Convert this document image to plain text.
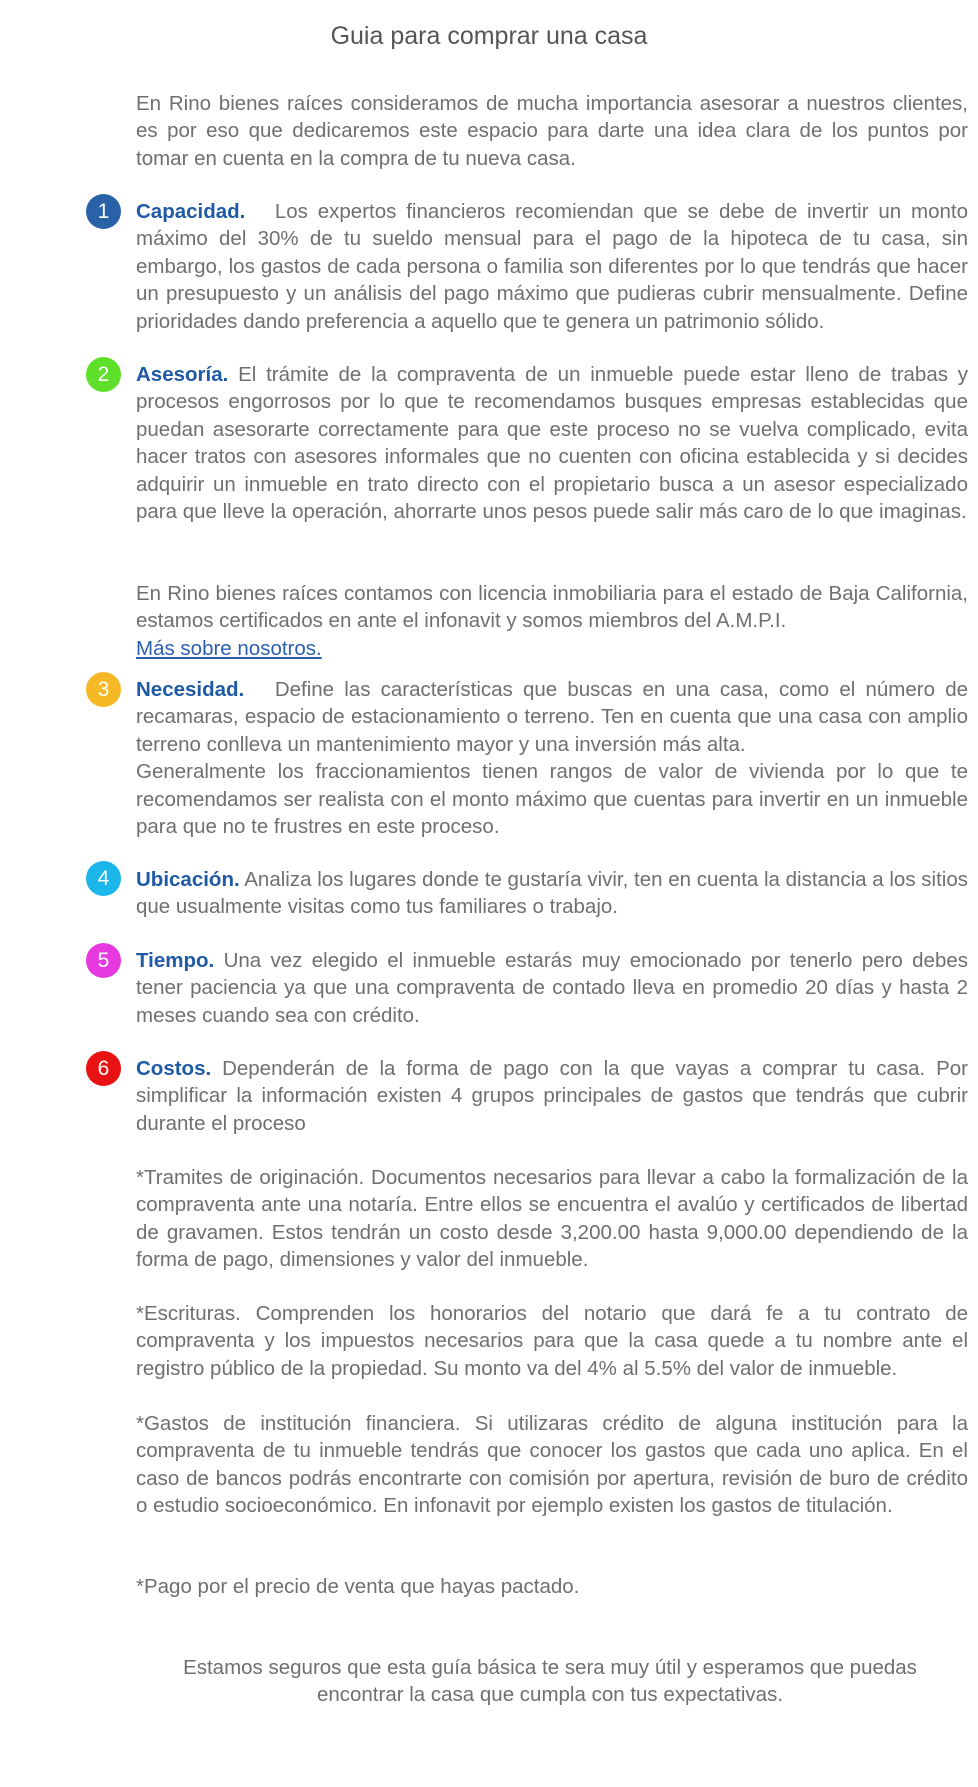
Guia para comprar una casa

En Rino bienes raíces consideramos de mucha importancia asesorar a nuestros clientes, es por eso que dedicaremos este espacio para darte una idea clara de los puntos por tomar en cuenta en la compra de tu nueva casa.

1	Capacidad. Los expertos financieros recomiendan que se debe de invertir un monto máximo del 30% de tu sueldo mensual para el pago de la hipoteca de tu casa, sin embargo, los gastos de cada persona o familia son diferentes por lo que tendrás que hacer un presupuesto y un análisis del pago máximo que pudieras cubrir mensualmente. Define prioridades dando preferencia a aquello que te genera un patrimonio sólido.

2	Asesoría. El trámite de la compraventa de un inmueble puede estar lleno de trabas y procesos engorrosos por lo que te recomendamos busques empresas establecidas que puedan asesorarte correctamente para que este proceso no se vuelva complicado, evita hacer tratos con asesores informales que no cuenten con oficina establecida y si decides adquirir un inmueble en trato directo con el propietario busca a un asesor especializado para que lleve la operación, ahorrarte unos pesos puede salir más caro de lo que imaginas.

En Rino bienes raíces contamos con licencia inmobiliaria para el estado de Baja California, estamos certificados en ante el infonavit y somos miembros del A.M.P.I.
Más sobre nosotros.

3	Necesidad. Define las características que buscas en una casa, como el número de recamaras, espacio de estacionamiento o terreno. Ten en cuenta que una casa con amplio terreno conlleva un mantenimiento mayor y una inversión más alta.
Generalmente los fraccionamientos tienen rangos de valor de vivienda por lo que te recomendamos ser realista con el monto máximo que cuentas para invertir en un inmueble para que no te frustres en este proceso.

4	Ubicación. Analiza los lugares donde te gustaría vivir, ten en cuenta la distancia a los sitios que usualmente visitas como tus familiares o trabajo.

5	Tiempo. Una vez elegido el inmueble estarás muy emocionado por tenerlo pero debes tener paciencia ya que una compraventa de contado lleva en promedio 20 días y hasta 2 meses cuando sea con crédito.

6	Costos. Dependerán de la forma de pago con la que vayas a comprar tu casa. Por simplificar la información existen 4 grupos principales de gastos que tendrás que cubrir durante el proceso

*Tramites de originación. Documentos necesarios para llevar a cabo la formalización de la compraventa ante una notaría. Entre ellos se encuentra el avalúo y certificados de libertad de gravamen. Estos tendrán un costo desde 3,200.00 hasta 9,000.00 dependiendo de la forma de pago, dimensiones y valor del inmueble.

*Escrituras. Comprenden los honorarios del notario que dará fe a tu contrato de compraventa y los impuestos necesarios para que la casa quede a tu nombre ante el registro público de la propiedad. Su monto va del 4% al 5.5% del valor de inmueble.

*Gastos de institución financiera. Si utilizaras crédito de alguna institución para la compraventa de tu inmueble tendrás que conocer los gastos que cada uno aplica. En el caso de bancos podrás encontrarte con comisión por apertura, revisión de buro de crédito o estudio socioeconómico. En infonavit por ejemplo existen los gastos de titulación.

*Pago por el precio de venta que hayas pactado.

Estamos seguros que esta guía básica te sera muy útil y esperamos que puedas encontrar la casa que cumpla con tus expectativas.
